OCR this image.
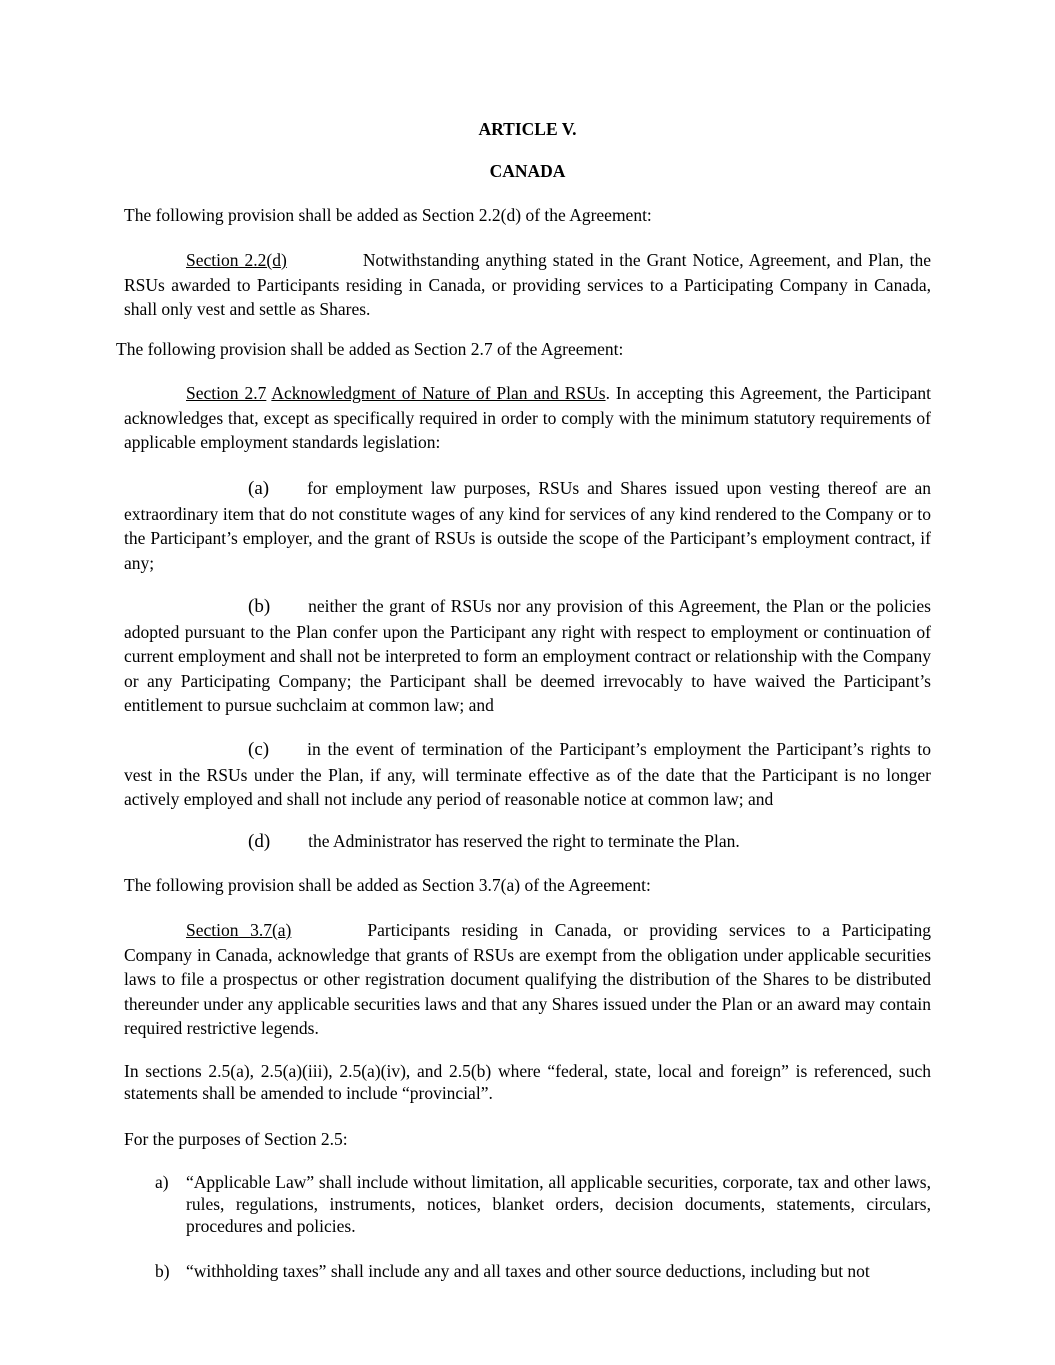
ARTICLE V.
CANADA
The following provision shall be added as Section 2.2(d) of the Agreement:
Section 2.2(d)	Notwithstanding anything stated in the Grant Notice, Agreement, and Plan, the RSUs awarded to Participants residing in Canada, or providing services to a Participating Company in Canada, shall only vest and settle as Shares.
The following provision shall be added as Section 2.7 of the Agreement:
Section 2.7 Acknowledgment of Nature of Plan and RSUs. In accepting this Agreement, the Participant acknowledges that, except as specifically required in order to comply with the minimum statutory requirements of applicable employment standards legislation:
(a) for employment law purposes, RSUs and Shares issued upon vesting thereof are an extraordinary item that do not constitute wages of any kind for services of any kind rendered to the Company or to the Participant’s employer, and the grant of RSUs is outside the scope of the Participant’s employment contract, if any;
(b) neither the grant of RSUs nor any provision of this Agreement, the Plan or the policies adopted pursuant to the Plan confer upon the Participant any right with respect to employment or continuation of current employment and shall not be interpreted to form an employment contract or relationship with the Company or any Participating Company; the Participant shall be deemed irrevocably to have waived the Participant’s entitlement to pursue suchclaim at common law; and
(c) in the event of termination of the Participant’s employment the Participant’s rights to vest in the RSUs under the Plan, if any, will terminate effective as of the date that the Participant is no longer actively employed and shall not include any period of reasonable notice at common law; and
(d) the Administrator has reserved the right to terminate the Plan.
The following provision shall be added as Section 3.7(a) of the Agreement:
Section 3.7(a)	Participants residing in Canada, or providing services to a Participating Company in Canada, acknowledge that grants of RSUs are exempt from the obligation under applicable securities laws to file a prospectus or other registration document qualifying the distribution of the Shares to be distributed thereunder under any applicable securities laws and that any Shares issued under the Plan or an award may contain required restrictive legends.
In sections 2.5(a), 2.5(a)(iii), 2.5(a)(iv), and 2.5(b) where “federal, state, local and foreign” is referenced, such statements shall be amended to include “provincial”.
For the purposes of Section 2.5:
a) “Applicable Law” shall include without limitation, all applicable securities, corporate, tax and other laws, rules, regulations, instruments, notices, blanket orders, decision documents, statements, circulars, procedures and policies.
b) “withholding taxes” shall include any and all taxes and other source deductions, including but not
